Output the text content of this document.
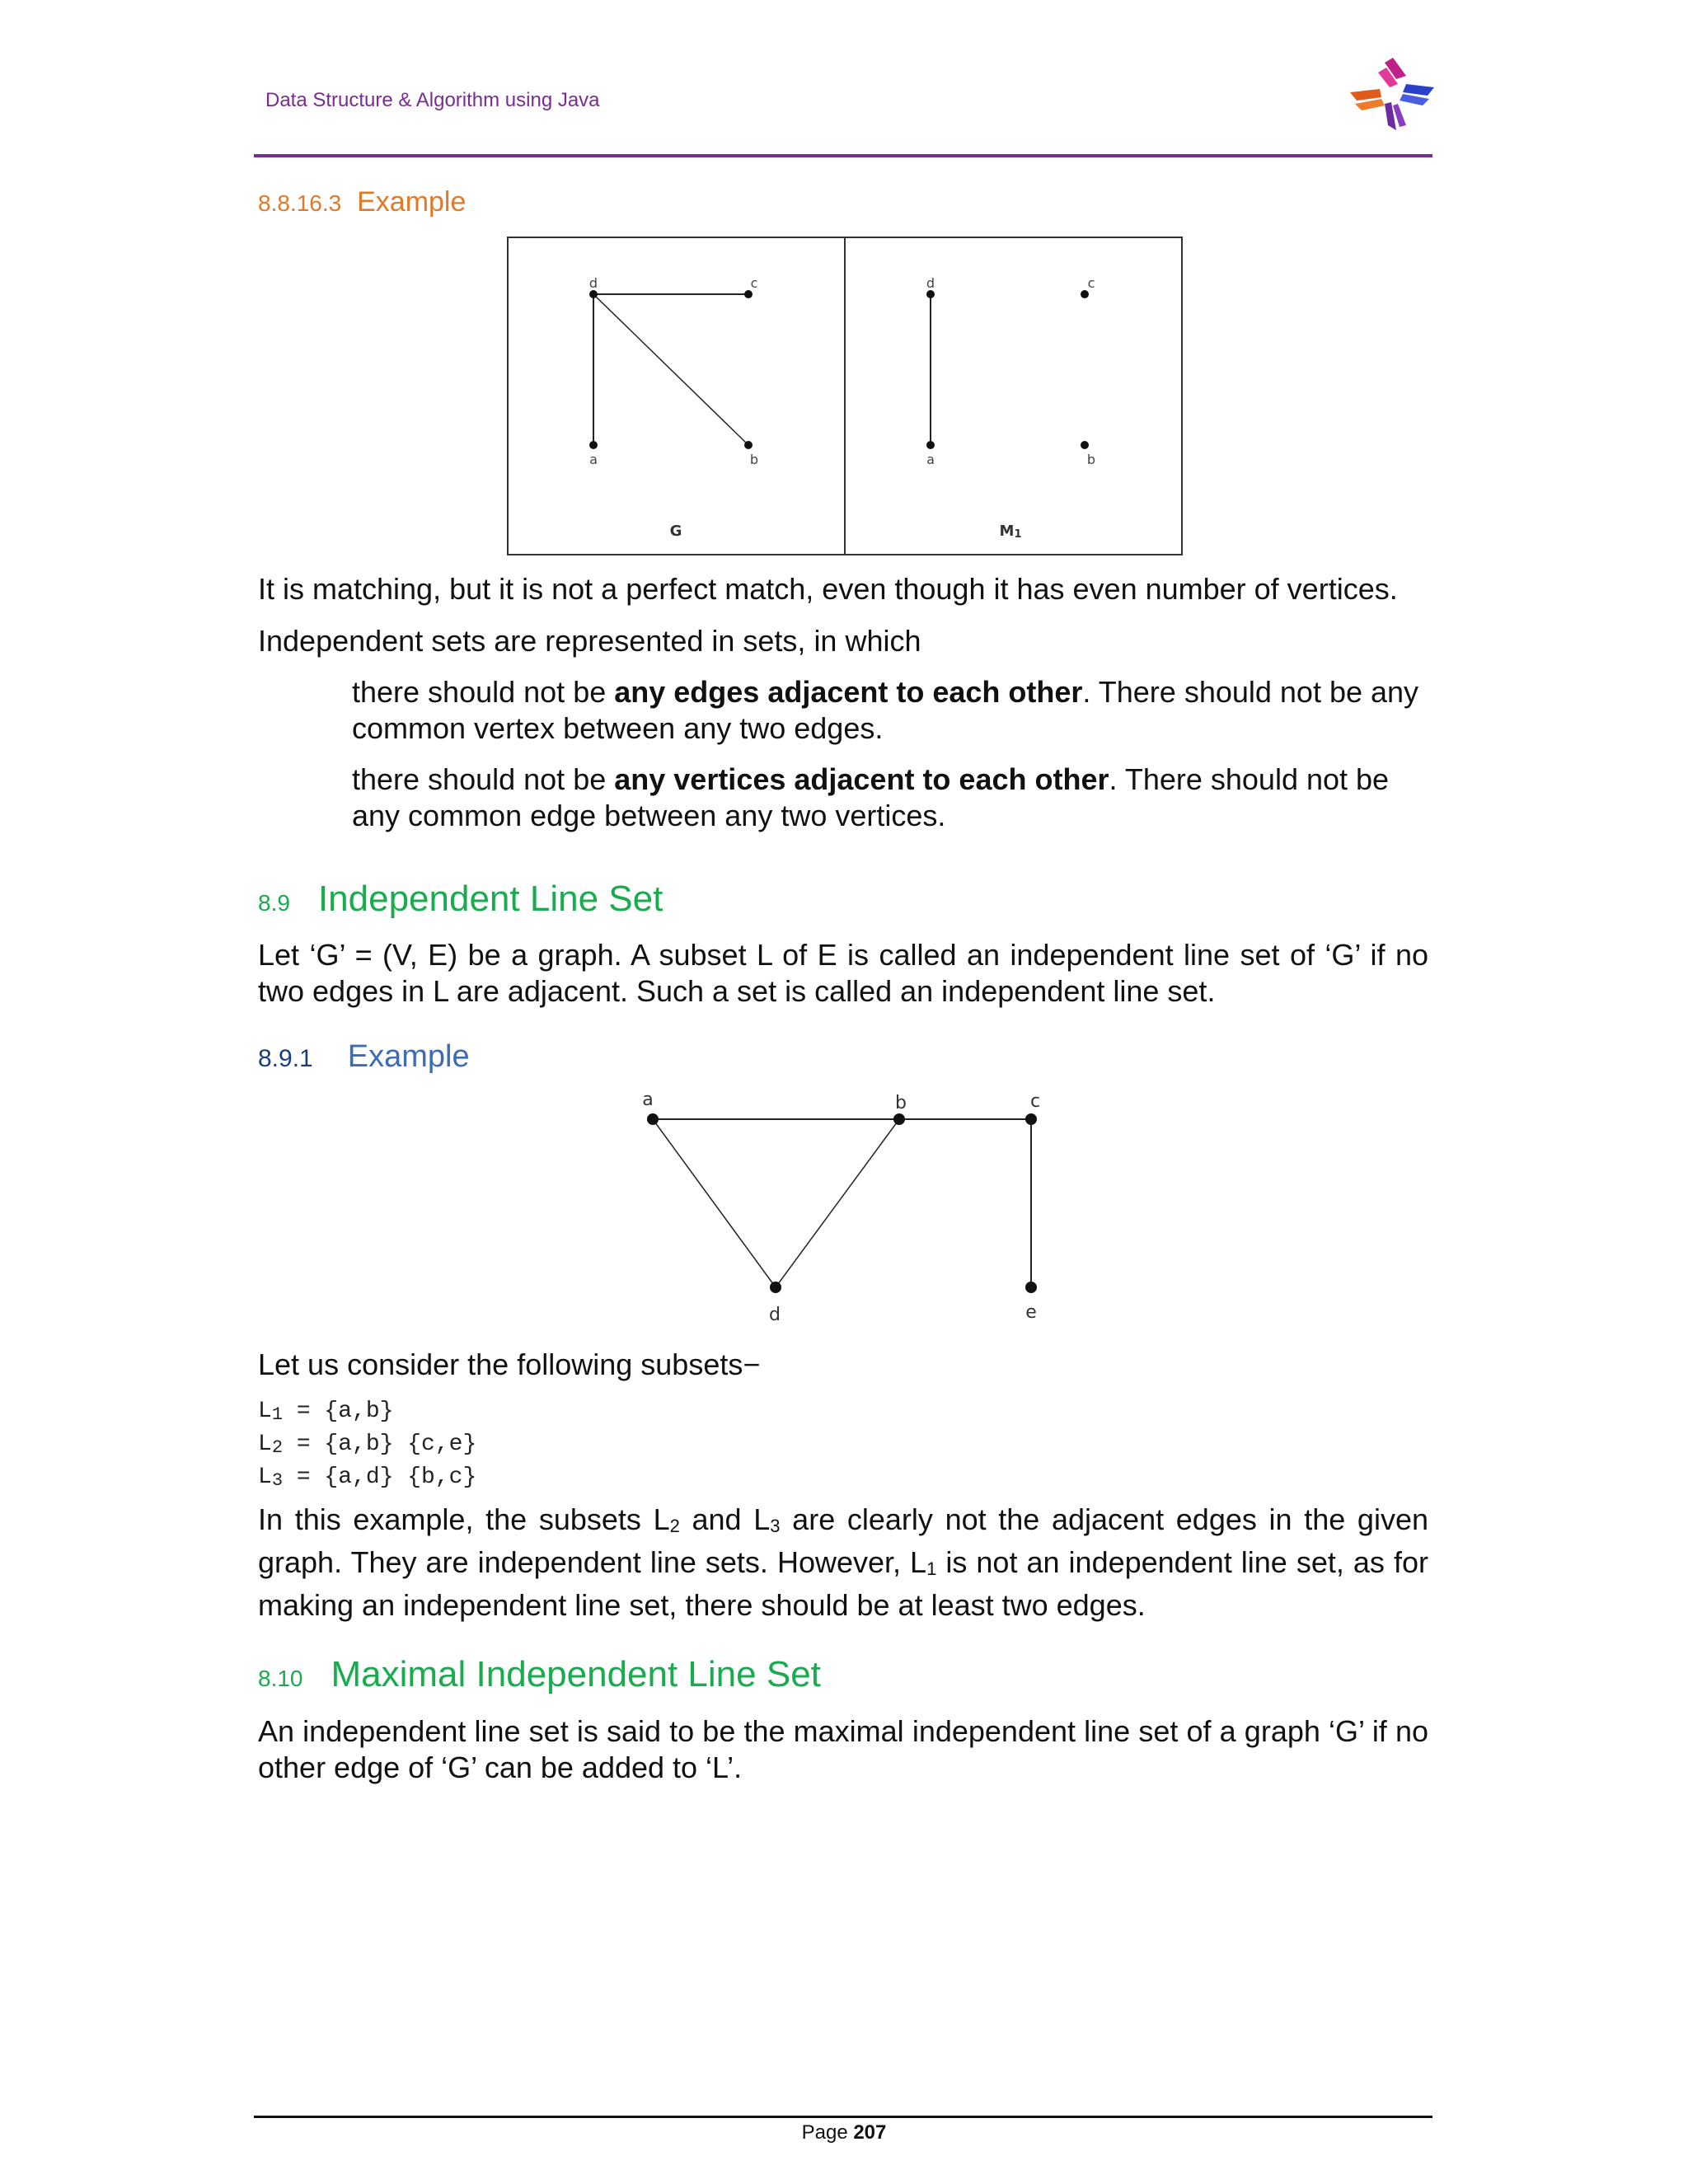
Data Structure & Algorithm using Java
8.8.16.3 Example
d	c
a	b
G
d	c
a	b
M1
It is matching, but it is not a perfect match, even though it has even number of vertices.
Independent sets are represented in sets, in which
there should not be any edges adjacent to each other. There should not be any common vertex between any two edges.
there should not be any vertices adjacent to each other. There should not be any common edge between any two vertices.
8.9 Independent Line Set
Let ‘G’ = (V, E) be a graph. A subset L of E is called an independent line set of ‘G’ if no two edges in L are adjacent. Such a set is called an independent line set.
8.9.1 Example
a	b	c
d	e
Let us consider the following subsets−
L1 = {a,b}
L2 = {a,b} {c,e}
L3 = {a,d} {b,c}
In this example, the subsets L2 and L3 are clearly not the adjacent edges in the given graph. They are independent line sets. However, L1 is not an independent line set, as for making an independent line set, there should be at least two edges.
8.10 Maximal Independent Line Set
An independent line set is said to be the maximal independent line set of a graph ‘G’ if no other edge of ‘G’ can be added to ‘L’.
Page 207
